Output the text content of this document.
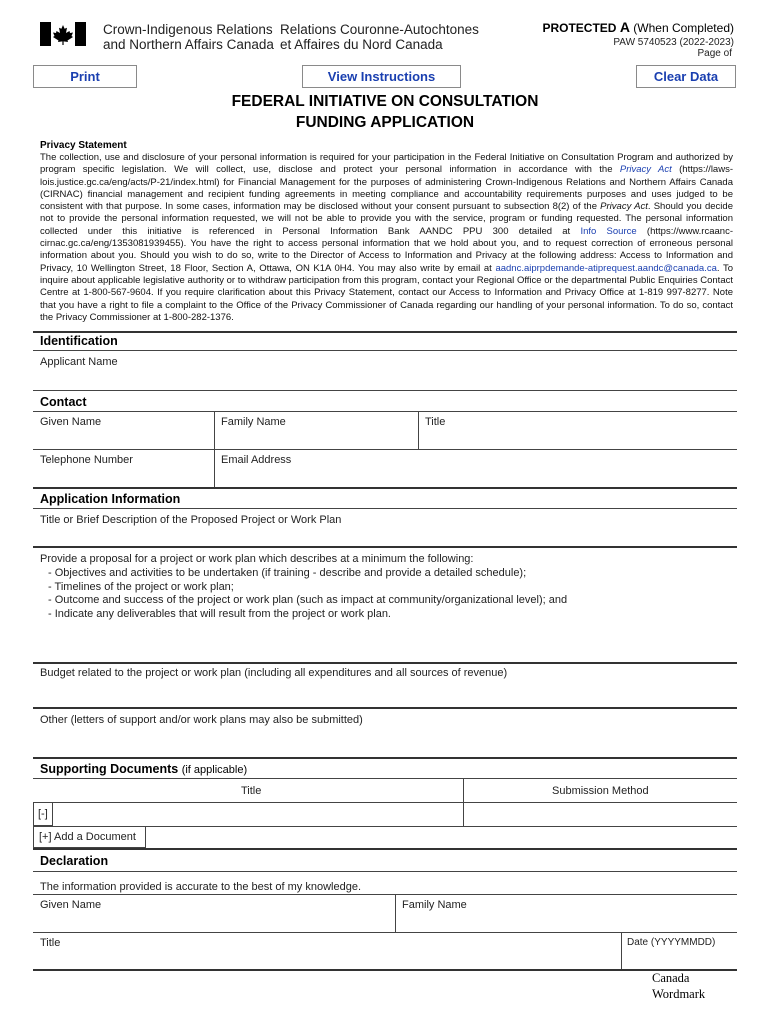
Crown-Indigenous Relations
and Northern Affairs Canada
Relations Couronne-Autochtones
et Affaires du Nord Canada
PROTECTED A (When Completed)
PAW 5740523 (2022-2023)
Page of
Print	View Instructions	Clear Data
FEDERAL INITIATIVE ON CONSULTATION
FUNDING APPLICATION
Privacy Statement
The collection, use and disclosure of your personal information is required for your participation in the Federal Initiative on Consultation Program and authorized by program specific legislation. We will collect, use, disclose and protect your personal information in accordance with the Privacy Act (https://laws-lois.justice.gc.ca/eng/acts/P-21/index.html) for Financial Management for the purposes of administering Crown-Indigenous Relations and Northern Affairs Canada (CIRNAC) financial management and recipient funding agreements in meeting compliance and accountability requirements purposes and uses judged to be consistent with that purpose. In some cases, information may be disclosed without your consent pursuant to subsection 8(2) of the Privacy Act. Should you decide not to provide the personal information requested, we will not be able to provide you with the service, program or funding requested. The personal information collected under this initiative is referenced in Personal Information Bank AANDC PPU 300 detailed at Info Source (https://www.rcaanc-cirnac.gc.ca/eng/1353081939455). You have the right to access personal information that we hold about you, and to request correction of erroneous personal information about you. Should you wish to do so, write to the Director of Access to Information and Privacy at the following address: Access to Information and Privacy, 10 Wellington Street, 18 Floor, Section A, Ottawa, ON K1A 0H4. You may also write by email at aadnc.aiprpdemande-atiprequest.aandc@canada.ca. To inquire about applicable legislative authority or to withdraw participation from this program, contact your Regional Office or the departmental Public Enquiries Contact Centre at 1-800-567-9604. If you require clarification about this Privacy Statement, contact our Access to Information and Privacy Office at 1-819 997-8277. Note that you have a right to file a complaint to the Office of the Privacy Commissioner of Canada regarding our handling of your personal information. To do so, contact the Privacy Commissioner at 1-800-282-1376.
Identification
Applicant Name
Contact
Given Name	Family Name	Title
Telephone Number	Email Address
Application Information
Title or Brief Description of the Proposed Project or Work Plan
Provide a proposal for a project or work plan which describes at a minimum the following:
- Objectives and activities to be undertaken (if training - describe and provide a detailed schedule);
- Timelines of the project or work plan;
- Outcome and success of the project or work plan (such as impact at community/organizational level); and
- Indicate any deliverables that will result from the project or work plan.
Budget related to the project or work plan (including all expenditures and all sources of revenue)
Other (letters of support and/or work plans may also be submitted)
Supporting Documents (if applicable)
Title	Submission Method
[-]
[+] Add a Document
Declaration
The information provided is accurate to the best of my knowledge.
Given Name	Family Name
Title	Date (YYYYMMDD)
Canada
Wordmark
